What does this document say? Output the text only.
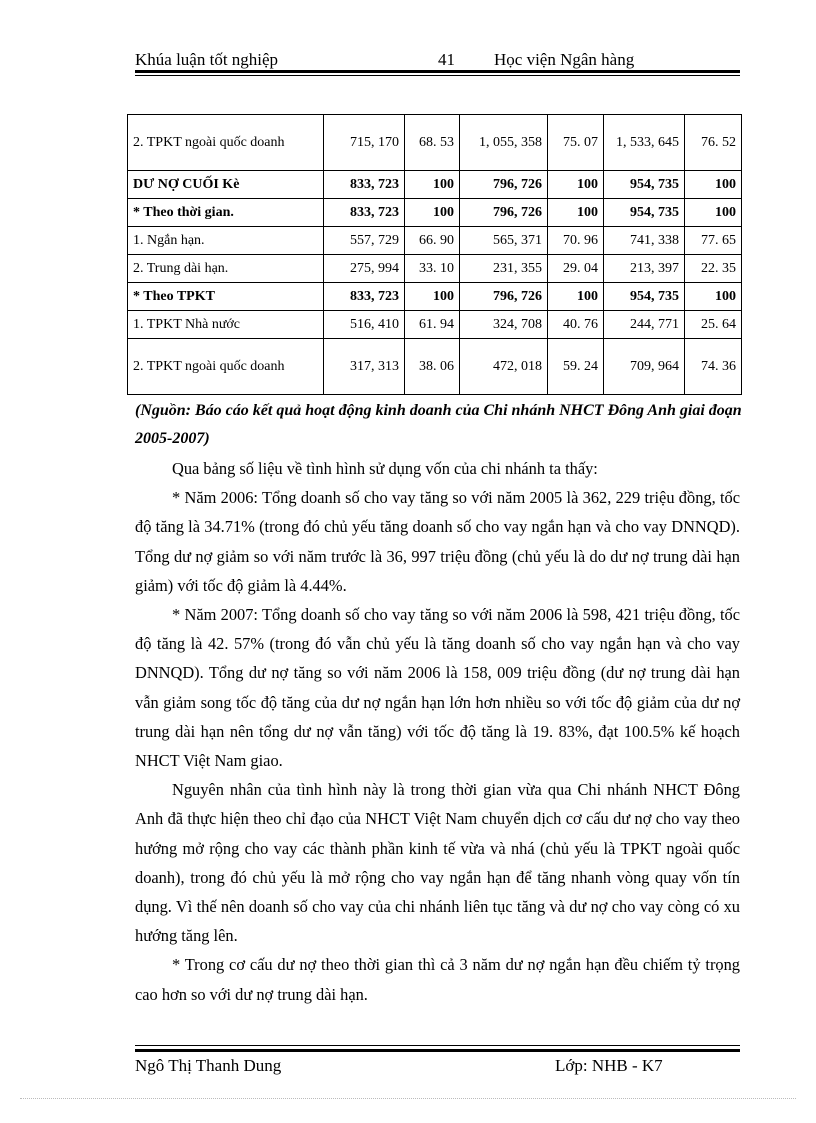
Khúa luận tốt nghiệp	41 Học viện Ngân hàng
2. TPKT ngoài quốc doanh	715, 170	68. 53	1, 055, 358	75. 07	1, 533, 645	76. 52
DƯ NỢ CUỐI Kè	833, 723	100	796, 726	100	954, 735	100
* Theo thời gian.	833, 723	100	796, 726	100	954, 735	100
1. Ngắn hạn.	557, 729	66. 90	565, 371	70. 96	741, 338	77. 65
2. Trung dài hạn.	275, 994	33. 10	231, 355	29. 04	213, 397	22. 35
* Theo TPKT	833, 723	100	796, 726	100	954, 735	100
1. TPKT Nhà nước	516, 410	61. 94	324, 708	40. 76	244, 771	25. 64
2. TPKT ngoài quốc doanh	317, 313	38. 06	472, 018	59. 24	709, 964	74. 36
(Nguồn: Báo cáo kết quả hoạt động kinh doanh của Chi nhánh NHCT Đông Anh giai đoạn 2005-2007)

Qua bảng số liệu về tình hình sử dụng vốn của chi nhánh ta thấy:

* Năm 2006: Tổng doanh số cho vay tăng so với năm 2005 là 362, 229 triệu đồng, tốc độ tăng là 34.71% (trong đó chủ yếu tăng doanh số cho vay ngắn hạn và cho vay DNNQD). Tổng dư nợ giảm so với năm trước là 36, 997 triệu đồng (chủ yếu là do dư nợ trung dài hạn giảm) với tốc độ giảm là 4.44%.

* Năm 2007: Tổng doanh số cho vay tăng so với năm 2006 là 598, 421 triệu đồng, tốc độ tăng là 42. 57% (trong đó vẫn chủ yếu là tăng doanh số cho vay ngắn hạn và cho vay DNNQD). Tổng dư nợ tăng so với năm 2006 là 158, 009 triệu đồng (dư nợ trung dài hạn vẫn giảm song tốc độ tăng của dư nợ ngắn hạn lớn hơn nhiều so với tốc độ giảm của dư nợ trung dài hạn nên tổng dư nợ vẫn tăng) với tốc độ tăng là 19. 83%, đạt 100.5% kế hoạch NHCT Việt Nam giao.

Nguyên nhân của tình hình này là trong thời gian vừa qua Chi nhánh NHCT Đông Anh đã thực hiện theo chỉ đạo của NHCT Việt Nam chuyển dịch cơ cấu dư nợ cho vay theo hướng mở rộng cho vay các thành phần kinh tế vừa và nhá (chủ yếu là TPKT ngoài quốc doanh), trong đó chủ yếu là mở rộng cho vay ngắn hạn để tăng nhanh vòng quay vốn tín dụng. Vì thế nên doanh số cho vay của chi nhánh liên tục tăng và dư nợ cho vay còng có xu hướng tăng lên.

* Trong cơ cấu dư nợ theo thời gian thì cả 3 năm dư nợ ngắn hạn đều chiếm tỷ trọng cao hơn so với dư nợ trung dài hạn.

Ngô Thị Thanh Dung	Lớp: NHB - K7
